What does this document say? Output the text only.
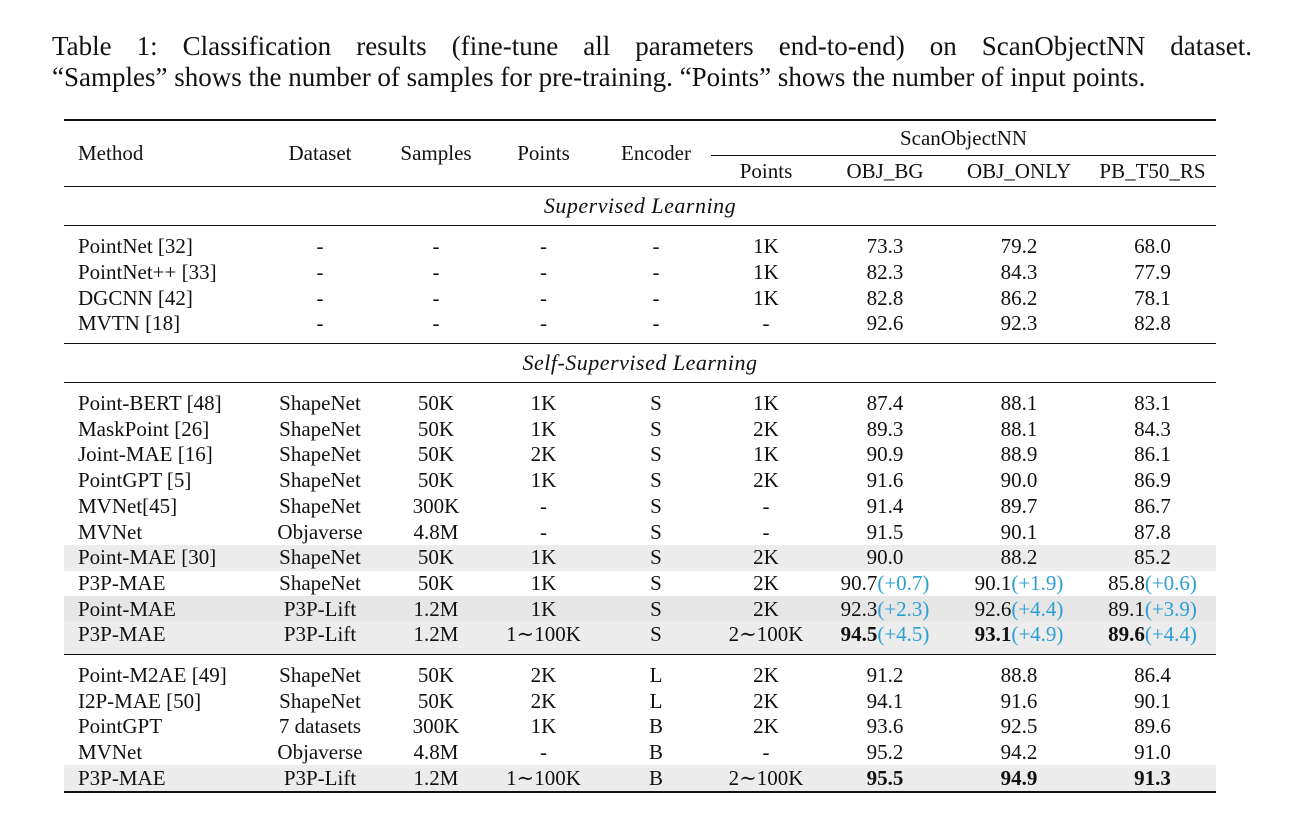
Table 1: Classification results (fine-tune all parameters end-to-end) on ScanObjectNN dataset.
“Samples” shows the number of samples for pre-training. “Points” shows the number of input points.
Method	Dataset	Samples	Points	Encoder	ScanObjectNN			
					Points	OBJ_BG	OBJ_ONLY	PB_T50_RS
Supervised Learning								
PointNet [32]	-	-	-	-	1K	73.3	79.2	68.0
PointNet++ [33]	-	-	-	-	1K	82.3	84.3	77.9
DGCNN [42]	-	-	-	-	1K	82.8	86.2	78.1
MVTN [18]	-	-	-	-	-	92.6	92.3	82.8
Self-Supervised Learning								
Point-BERT [48]	ShapeNet	50K	1K	S	1K	87.4	88.1	83.1
MaskPoint [26]	ShapeNet	50K	1K	S	2K	89.3	88.1	84.3
Joint-MAE [16]	ShapeNet	50K	2K	S	1K	90.9	88.9	86.1
PointGPT [5]	ShapeNet	50K	1K	S	2K	91.6	90.0	86.9
MVNet[45]	ShapeNet	300K	-	S	-	91.4	89.7	86.7
MVNet	Objaverse	4.8M	-	S	-	91.5	90.1	87.8
Point-MAE [30]	ShapeNet	50K	1K	S	2K	90.0	88.2	85.2
P3P-MAE	ShapeNet	50K	1K	S	2K	90.7(+0.7)	90.1(+1.9)	85.8(+0.6)
Point-MAE	P3P-Lift	1.2M	1K	S	2K	92.3(+2.3)	92.6(+4.4)	89.1(+3.9)
P3P-MAE	P3P-Lift	1.2M	1∼100K	S	2∼100K	94.5(+4.5)	93.1(+4.9)	89.6(+4.4)
Point-M2AE [49]	ShapeNet	50K	2K	L	2K	91.2	88.8	86.4
I2P-MAE [50]	ShapeNet	50K	2K	L	2K	94.1	91.6	90.1
PointGPT	7 datasets	300K	1K	B	2K	93.6	92.5	89.6
MVNet	Objaverse	4.8M	-	B	-	95.2	94.2	91.0
P3P-MAE	P3P-Lift	1.2M	1∼100K	B	2∼100K	95.5	94.9	91.3
